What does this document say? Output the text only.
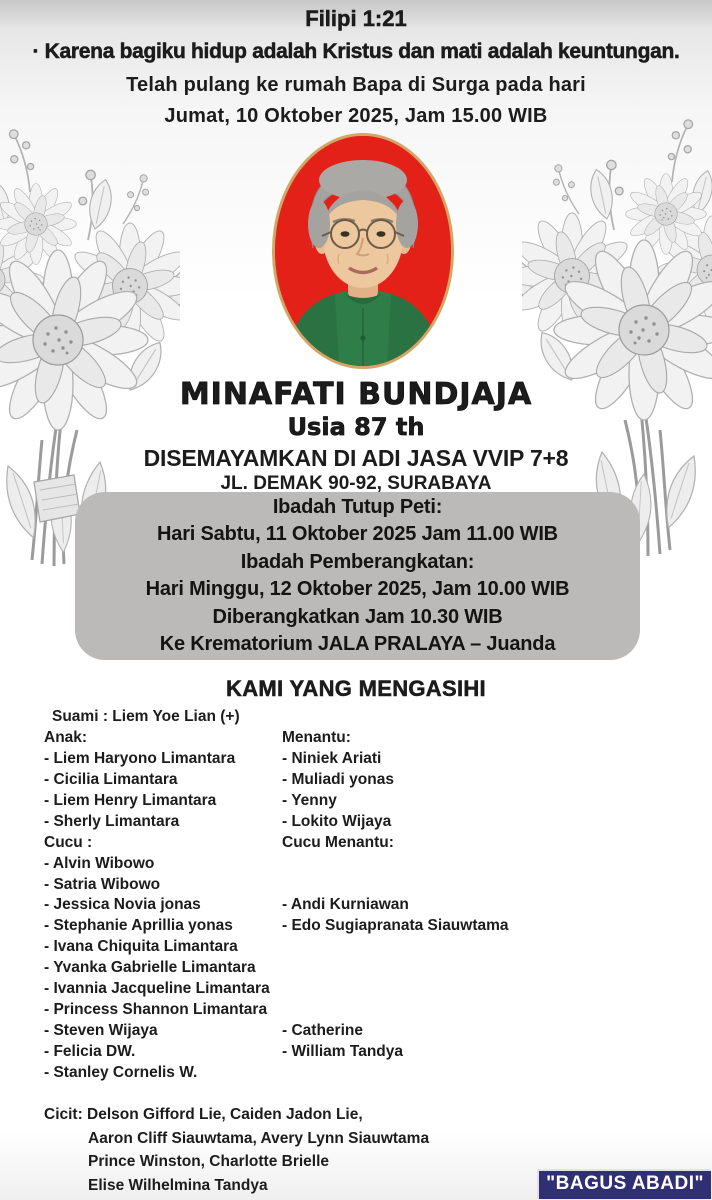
Filipi 1:21
· Karena bagiku hidup adalah Kristus dan mati adalah keuntungan.
Telah pulang ke rumah Bapa di Surga pada hari
Jumat, 10 Oktober 2025, Jam 15.00 WIB
MINAFATI BUNDJAJA
Usia 87 th
DISEMAYAMKAN DI ADI JASA VVIP 7+8
JL. DEMAK 90-92, SURABAYA
Ibadah Tutup Peti:
Hari Sabtu, 11 Oktober 2025 Jam 11.00 WIB
Ibadah Pemberangkatan:
Hari Minggu, 12 Oktober 2025, Jam 10.00 WIB
Diberangkatkan Jam 10.30 WIB
Ke Krematorium JALA PRALAYA – Juanda
KAMI YANG MENGASIHI
Suami : Liem Yoe Lian (+)
Anak:	Menantu:
- Liem Haryono Limantara	- Niniek Ariati
- Cicilia Limantara	- Muliadi yonas
- Liem Henry Limantara	- Yenny
- Sherly Limantara	- Lokito Wijaya
Cucu :	Cucu Menantu:
- Alvin Wibowo
- Satria Wibowo
- Jessica Novia jonas	- Andi Kurniawan
- Stephanie Aprillia yonas	- Edo Sugiapranata Siauwtama
- Ivana Chiquita Limantara
- Yvanka Gabrielle Limantara
- Ivannia Jacqueline Limantara
- Princess Shannon Limantara
- Steven Wijaya	- Catherine
- Felicia DW.	- William Tandya
- Stanley Cornelis W.
Cicit: Delson Gifford Lie, Caiden Jadon Lie,
Aaron Cliff Siauwtama, Avery Lynn Siauwtama
Prince Winston, Charlotte Brielle
Elise Wilhelmina Tandya	"BAGUS ABADI"
